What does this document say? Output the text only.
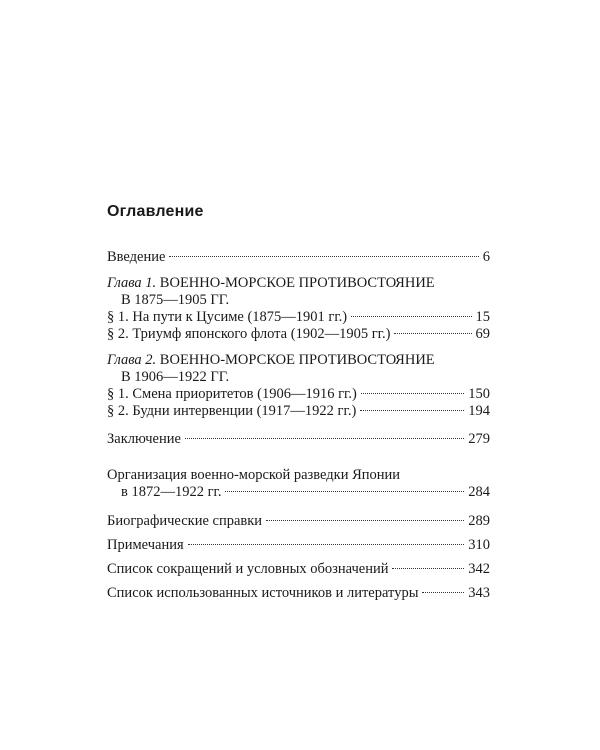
Оглавление
Введение	6
Глава 1. ВОЕННО-МОРСКОЕ ПРОТИВОСТОЯНИЕ
В 1875—1905 ГГ.
§ 1. На пути к Цусиме (1875—1901 гг.)	15
§ 2. Триумф японского флота (1902—1905 гг.)	69
Глава 2. ВОЕННО-МОРСКОЕ ПРОТИВОСТОЯНИЕ
В 1906—1922 ГГ.
§ 1. Смена приоритетов (1906—1916 гг.)	150
§ 2. Будни интервенции (1917—1922 гг.)	194
Заключение	279
Организация военно-морской разведки Японии
в 1872—1922 гг.	284
Биографические справки	289
Примечания	310
Список сокращений и условных обозначений	342
Список использованных источников и литературы	343
